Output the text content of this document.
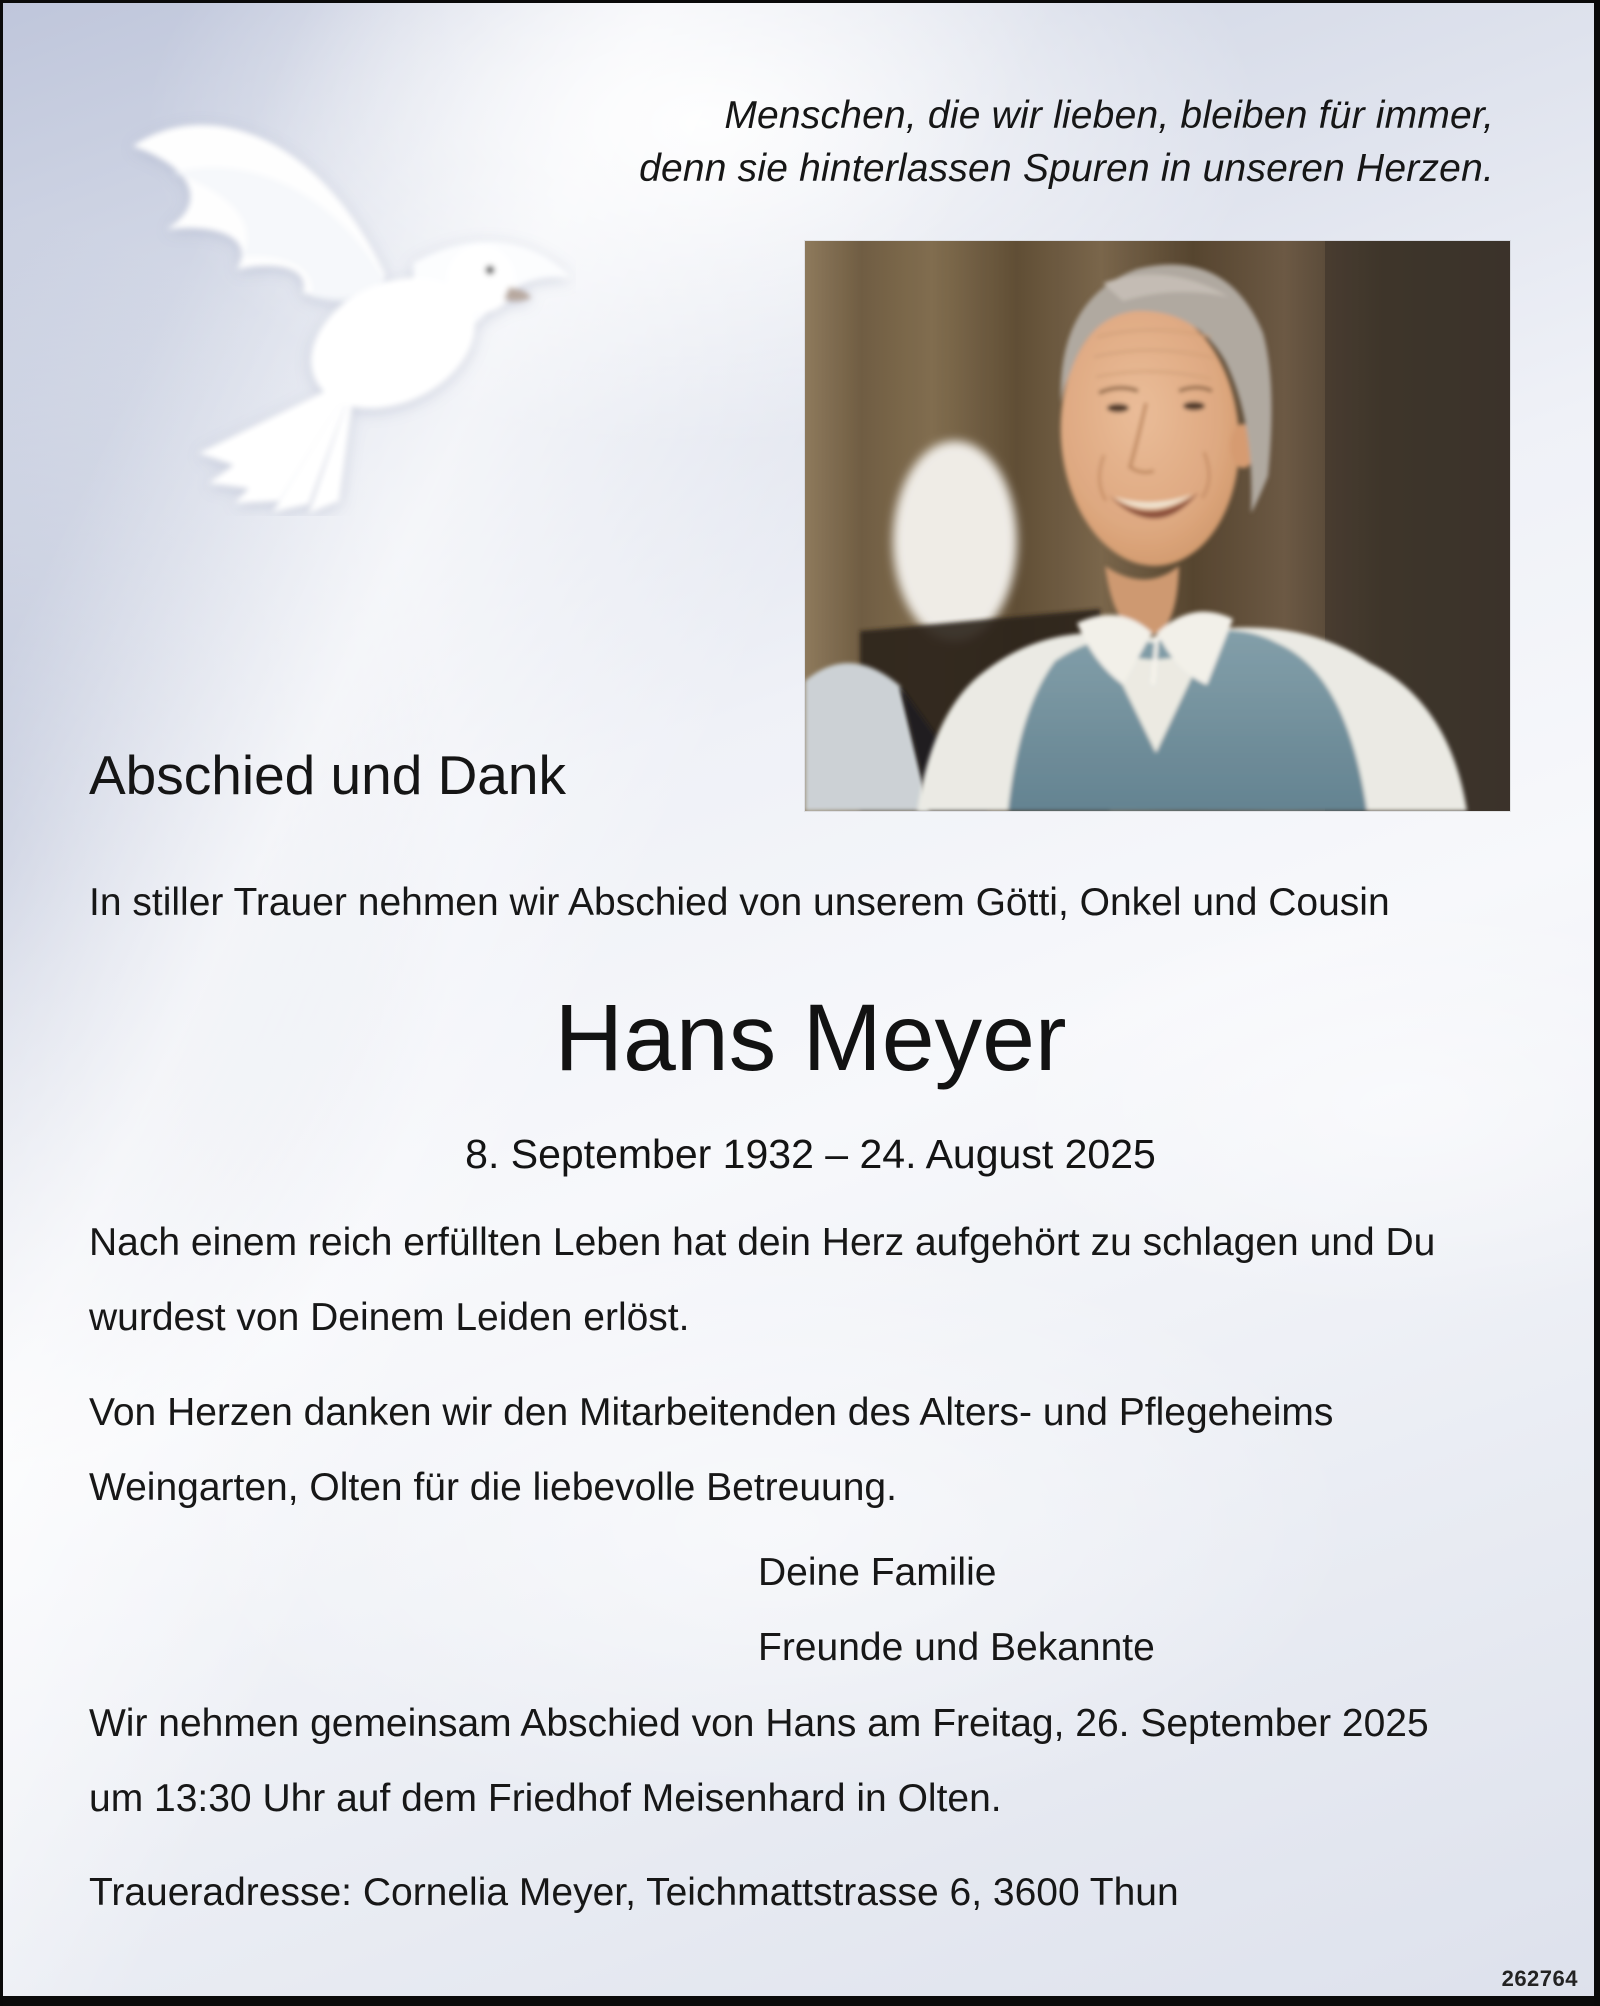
Menschen, die wir lieben, bleiben für immer,
denn sie hinterlassen Spuren in unseren Herzen.
Abschied und Dank
In stiller Trauer nehmen wir Abschied von unserem Götti, Onkel und Cousin
Hans Meyer
8. September 1932 – 24. August 2025
Nach einem reich erfüllten Leben hat dein Herz aufgehört zu schlagen und Du
wurdest von Deinem Leiden erlöst.
Von Herzen danken wir den Mitarbeitenden des Alters- und Pflegeheims
Weingarten, Olten für die liebevolle Betreuung.
Deine Familie
Freunde und Bekannte
Wir nehmen gemeinsam Abschied von Hans am Freitag, 26. September 2025
um 13:30 Uhr auf dem Friedhof Meisenhard in Olten.
Traueradresse: Cornelia Meyer, Teichmattstrasse 6, 3600 Thun
262764
